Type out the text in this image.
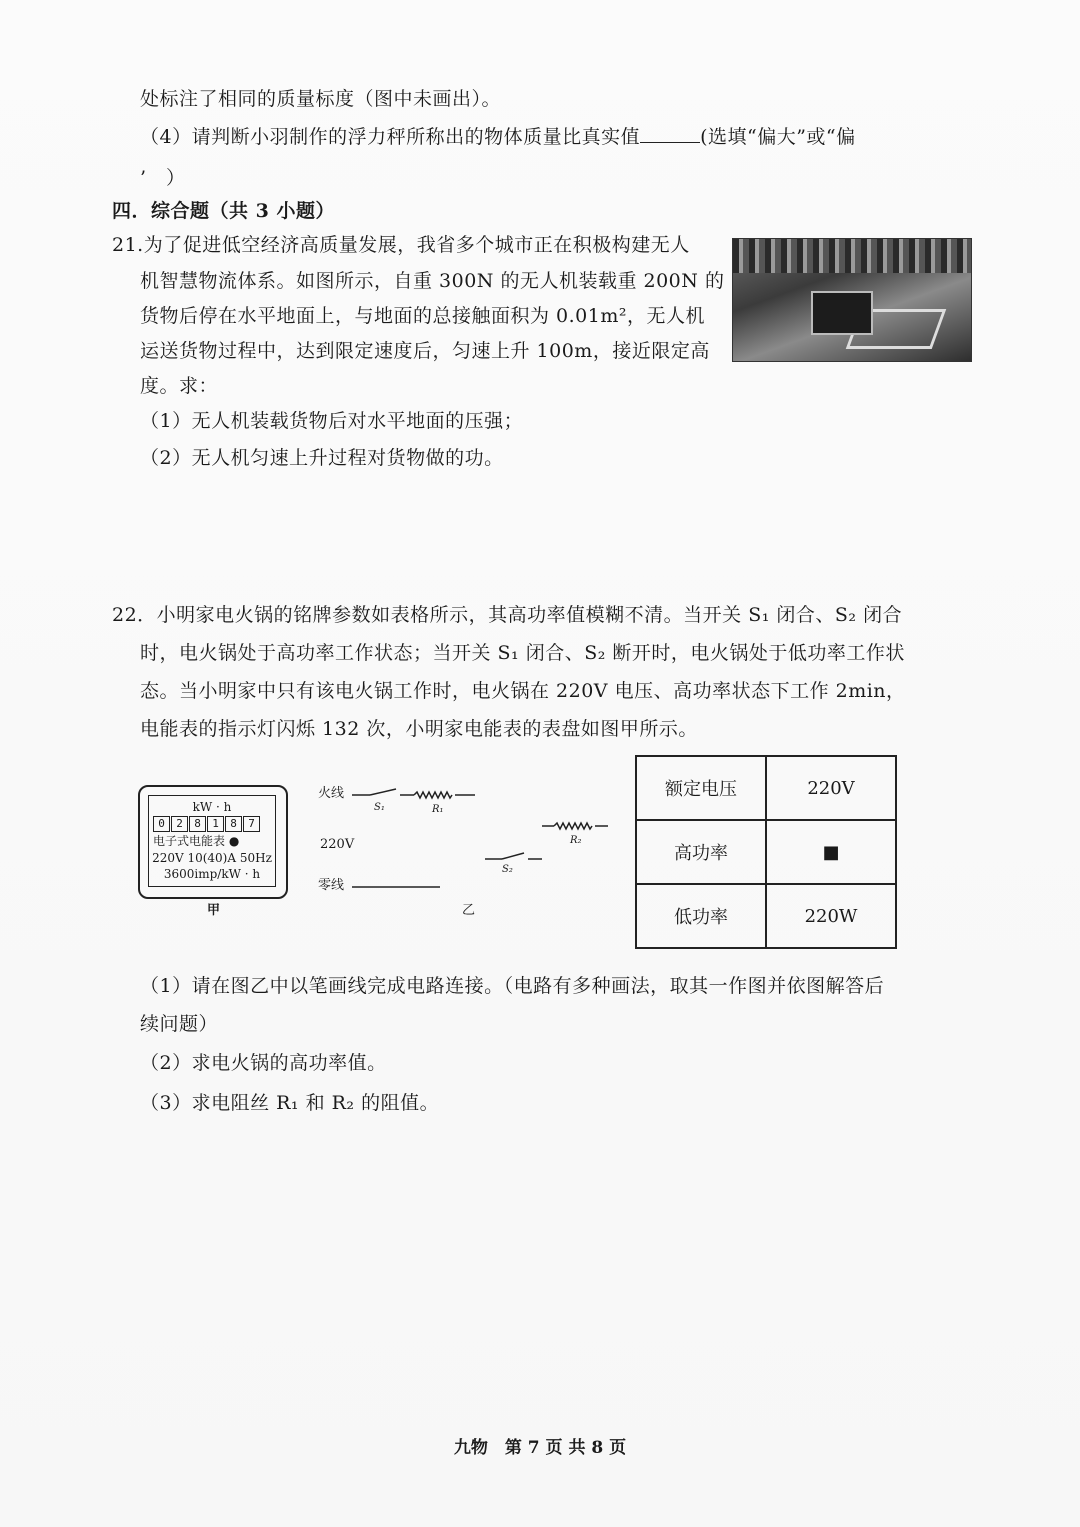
处标注了相同的质量标度（图中未画出）。
（4）请判断小羽制作的浮力秤所称出的物体质量比真实值	(选填“偏大”或“偏
’　）
四．综合题（共 3 小题）
21.为了促进低空经济高质量发展，我省多个城市正在积极构建无人
机智慧物流体系。如图所示，自重 300N 的无人机装载重 200N 的
货物后停在水平地面上，与地面的总接触面积为 0.01m²，无人机
运送货物过程中，达到限定速度后，匀速上升 100m，接近限定高
度。求：
（1）无人机装载货物后对水平地面的压强；
（2）无人机匀速上升过程对货物做的功。
22．小明家电火锅的铭牌参数如表格所示，其高功率值模糊不清。当开关 S₁ 闭合、S₂ 闭合
时，电火锅处于高功率工作状态；当开关 S₁ 闭合、S₂ 断开时，电火锅处于低功率工作状
态。当小明家中只有该电火锅工作时，电火锅在 220V 电压、高功率状态下工作 2min，
电能表的指示灯闪烁 132 次，小明家电能表的表盘如图甲所示。
kW · h
0	2	8	1	8	7
电子式电能表 ●
220V 10(40)A 50Hz
3600imp/kW · h
甲
火线
220V
零线
S₁	R₁
R₂
S₂
乙
额定电压	220V
高功率	■
低功率	220W
（1）请在图乙中以笔画线完成电路连接。（电路有多种画法，取其一作图并依图解答后
续问题）
（2）求电火锅的高功率值。
（3）求电阻丝 R₁ 和 R₂ 的阻值。
九物　第 7 页 共 8 页
